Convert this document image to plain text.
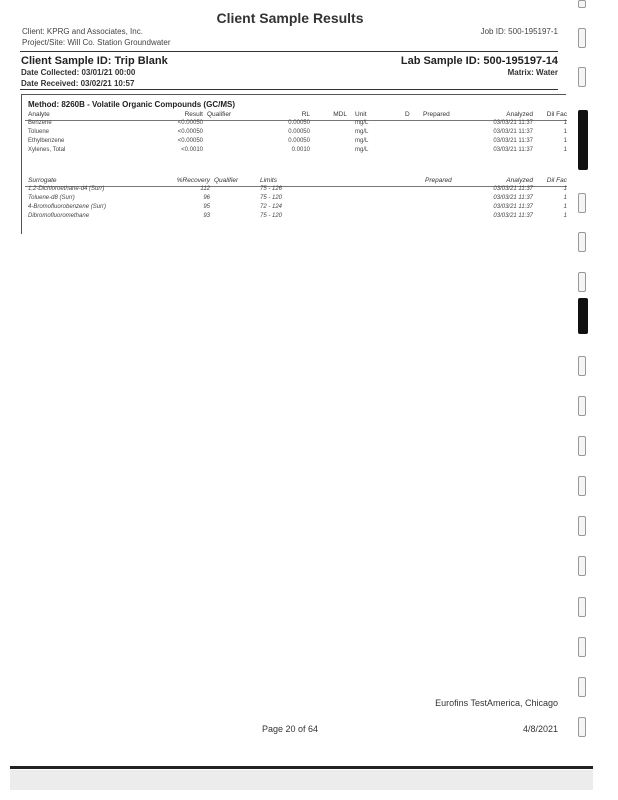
Client Sample Results
Client: KPRG and Associates, Inc.
Project/Site: Will Co. Station Groundwater
Job ID: 500-195197-1
Client Sample ID: Trip Blank	Lab Sample ID: 500-195197-14
Date Collected: 03/01/21 00:00	Matrix: Water
Date Received: 03/02/21 10:57
Method: 8260B - Volatile Organic Compounds (GC/MS)
Analyte	Result Qualifier	RL	MDL Unit	D Prepared	Analyzed	Dil Fac
Benzene	<0.00050	0.00050	mg/L	03/03/21 11:37	1
Toluene	<0.00050	0.00050	mg/L	03/03/21 11:37	1
Ethylbenzene	<0.00050	0.00050	mg/L	03/03/21 11:37	1
Xylenes, Total	<0.0010	0.0010	mg/L	03/03/21 11:37	1
Surrogate	%Recovery Qualifier	Limits	Prepared	Analyzed	Dil Fac
1,2-Dichloroethane-d4 (Surr)	112	75 - 126	03/03/21 11:37	1
Toluene-d8 (Surr)	96	75 - 120	03/03/21 11:37	1
4-Bromofluorobenzene (Surr)	95	72 - 124	03/03/21 11:37	1
Dibromofluoromethane	93	75 - 120	03/03/21 11:37	1
Eurofins TestAmerica, Chicago
Page 20 of 64	4/8/2021
